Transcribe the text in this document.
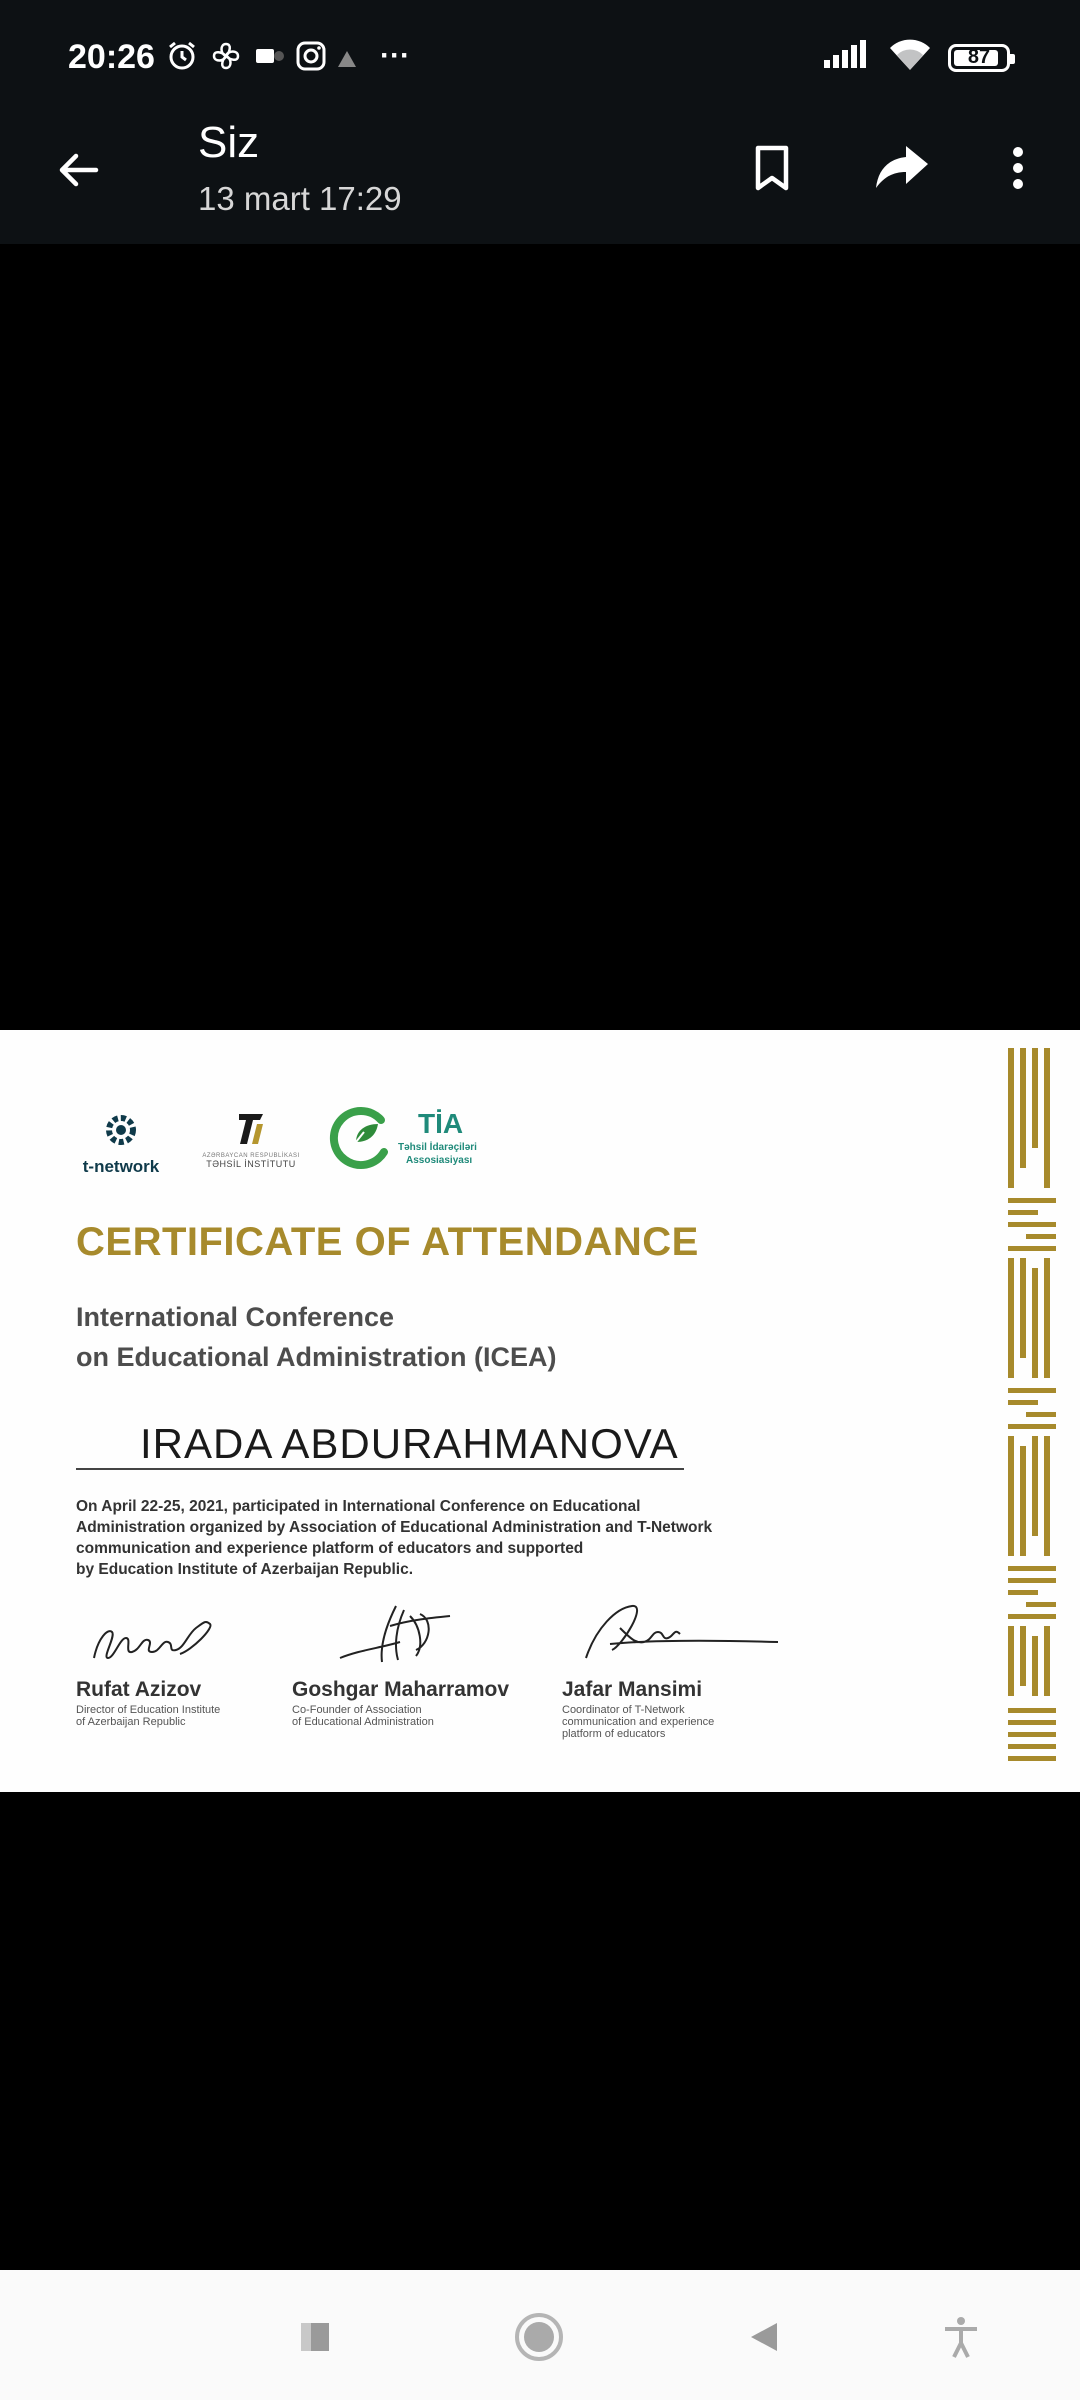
20:26	···	87
Siz
13 mart 17:29
t-network
AZƏRBAYCAN RESPUBLİKASI
TƏHSİL İNSTİTUTU
TİA
Təhsil İdarəçiləri
Assosiasiyası
CERTIFICATE OF ATTENDANCE
International Conference
on Educational Administration (ICEA)
IRADA ABDURAHMANOVA
On April 22-25, 2021, participated in International Conference on Educational
Administration organized by Association of Educational Administration and T-Network
communication and experience platform of educators and supported
by Education Institute of Azerbaijan Republic.
Rufat Azizov
Director of Education Institute
of Azerbaijan Republic
Goshgar Maharramov
Co-Founder of Association
of Educational Administration
Jafar Mansimi
Coordinator of T-Network
communication and experience
platform of educators
